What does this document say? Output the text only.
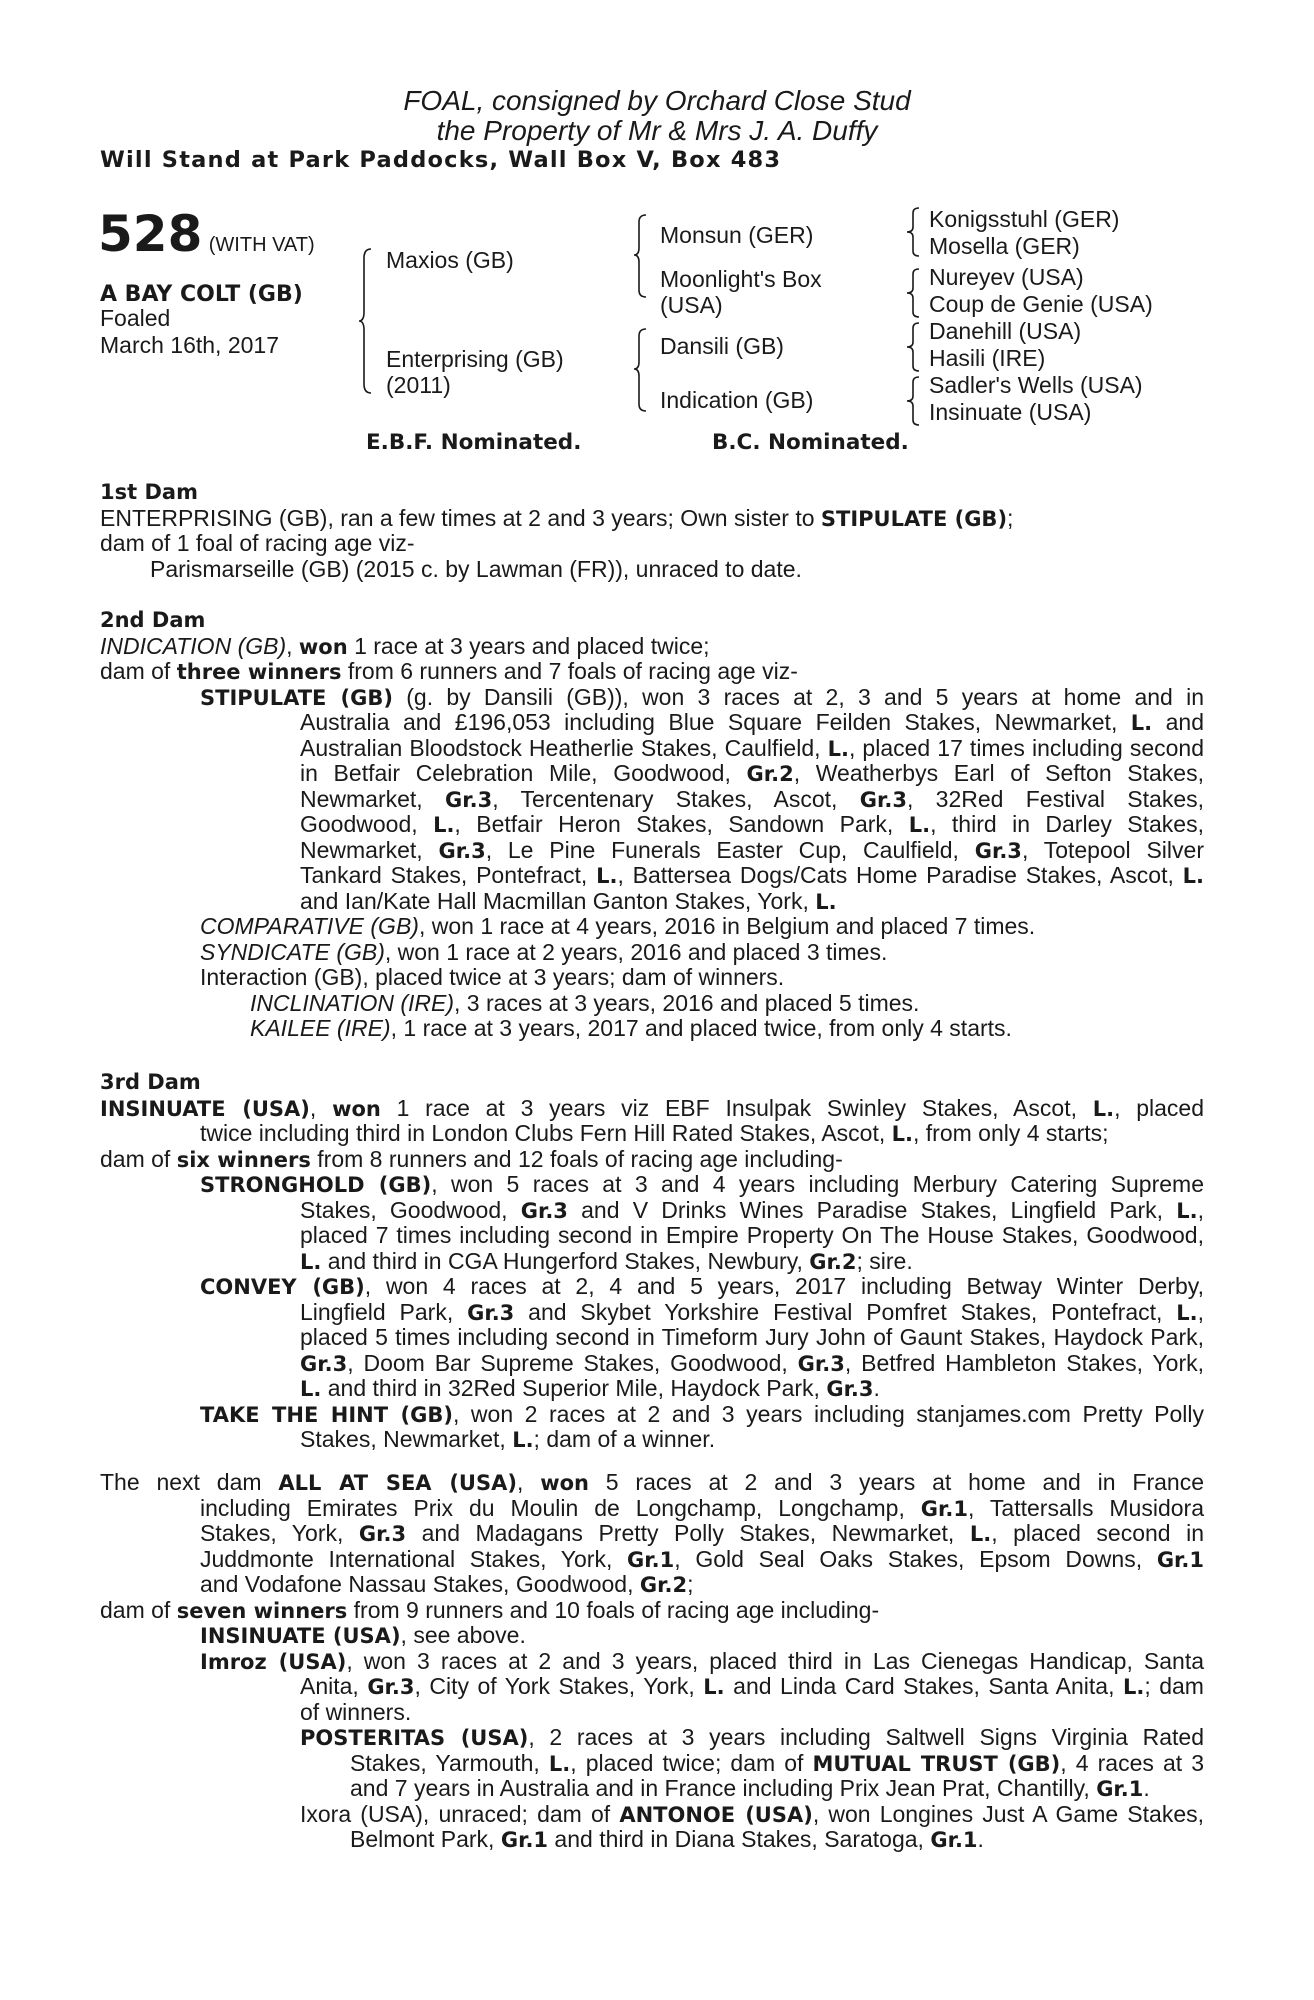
FOAL, consigned by Orchard Close Stud
the Property of Mr & Mrs J. A. Duffy
Will Stand at Park Paddocks, Wall Box V, Box 483
528 (WITH VAT)
A BAY COLT (GB)
Foaled
March 16th, 2017
Maxios (GB)
Enterprising (GB)
(2011)
Monsun (GER)
Moonlight's Box
(USA)
Dansili (GB)
Indication (GB)
Konigsstuhl (GER)
Mosella (GER)
Nureyev (USA)
Coup de Genie (USA)
Danehill (USA)
Hasili (IRE)
Sadler's Wells (USA)
Insinuate (USA)
E.B.F. Nominated.	B.C. Nominated.
1st Dam
ENTERPRISING (GB), ran a few times at 2 and 3 years; Own sister to STIPULATE (GB);
dam of 1 foal of racing age viz-
Parismarseille (GB) (2015 c. by Lawman (FR)), unraced to date.
2nd Dam
INDICATION (GB), won 1 race at 3 years and placed twice;
dam of three winners from 6 runners and 7 foals of racing age viz-
STIPULATE (GB) (g. by Dansili (GB)), won 3 races at 2, 3 and 5 years at home and in
Australia and £196,053 including Blue Square Feilden Stakes, Newmarket, L. and
Australian Bloodstock Heatherlie Stakes, Caulfield, L., placed 17 times including second
in Betfair Celebration Mile, Goodwood, Gr.2, Weatherbys Earl of Sefton Stakes,
Newmarket, Gr.3, Tercentenary Stakes, Ascot, Gr.3, 32Red Festival Stakes,
Goodwood, L., Betfair Heron Stakes, Sandown Park, L., third in Darley Stakes,
Newmarket, Gr.3, Le Pine Funerals Easter Cup, Caulfield, Gr.3, Totepool Silver
Tankard Stakes, Pontefract, L., Battersea Dogs/Cats Home Paradise Stakes, Ascot, L.
and Ian/Kate Hall Macmillan Ganton Stakes, York, L.
COMPARATIVE (GB), won 1 race at 4 years, 2016 in Belgium and placed 7 times.
SYNDICATE (GB), won 1 race at 2 years, 2016 and placed 3 times.
Interaction (GB), placed twice at 3 years; dam of winners.
INCLINATION (IRE), 3 races at 3 years, 2016 and placed 5 times.
KAILEE (IRE), 1 race at 3 years, 2017 and placed twice, from only 4 starts.
3rd Dam
INSINUATE (USA), won 1 race at 3 years viz EBF Insulpak Swinley Stakes, Ascot, L., placed
twice including third in London Clubs Fern Hill Rated Stakes, Ascot, L., from only 4 starts;
dam of six winners from 8 runners and 12 foals of racing age including-
STRONGHOLD (GB), won 5 races at 3 and 4 years including Merbury Catering Supreme
Stakes, Goodwood, Gr.3 and V Drinks Wines Paradise Stakes, Lingfield Park, L.,
placed 7 times including second in Empire Property On The House Stakes, Goodwood,
L. and third in CGA Hungerford Stakes, Newbury, Gr.2; sire.
CONVEY (GB), won 4 races at 2, 4 and 5 years, 2017 including Betway Winter Derby,
Lingfield Park, Gr.3 and Skybet Yorkshire Festival Pomfret Stakes, Pontefract, L.,
placed 5 times including second in Timeform Jury John of Gaunt Stakes, Haydock Park,
Gr.3, Doom Bar Supreme Stakes, Goodwood, Gr.3, Betfred Hambleton Stakes, York,
L. and third in 32Red Superior Mile, Haydock Park, Gr.3.
TAKE THE HINT (GB), won 2 races at 2 and 3 years including stanjames.com Pretty Polly
Stakes, Newmarket, L.; dam of a winner.
The next dam ALL AT SEA (USA), won 5 races at 2 and 3 years at home and in France
including Emirates Prix du Moulin de Longchamp, Longchamp, Gr.1, Tattersalls Musidora
Stakes, York, Gr.3 and Madagans Pretty Polly Stakes, Newmarket, L., placed second in
Juddmonte International Stakes, York, Gr.1, Gold Seal Oaks Stakes, Epsom Downs, Gr.1
and Vodafone Nassau Stakes, Goodwood, Gr.2;
dam of seven winners from 9 runners and 10 foals of racing age including-
INSINUATE (USA), see above.
Imroz (USA), won 3 races at 2 and 3 years, placed third in Las Cienegas Handicap, Santa
Anita, Gr.3, City of York Stakes, York, L. and Linda Card Stakes, Santa Anita, L.; dam
of winners.
POSTERITAS (USA), 2 races at 3 years including Saltwell Signs Virginia Rated
Stakes, Yarmouth, L., placed twice; dam of MUTUAL TRUST (GB), 4 races at 3
and 7 years in Australia and in France including Prix Jean Prat, Chantilly, Gr.1.
Ixora (USA), unraced; dam of ANTONOE (USA), won Longines Just A Game Stakes,
Belmont Park, Gr.1 and third in Diana Stakes, Saratoga, Gr.1.
